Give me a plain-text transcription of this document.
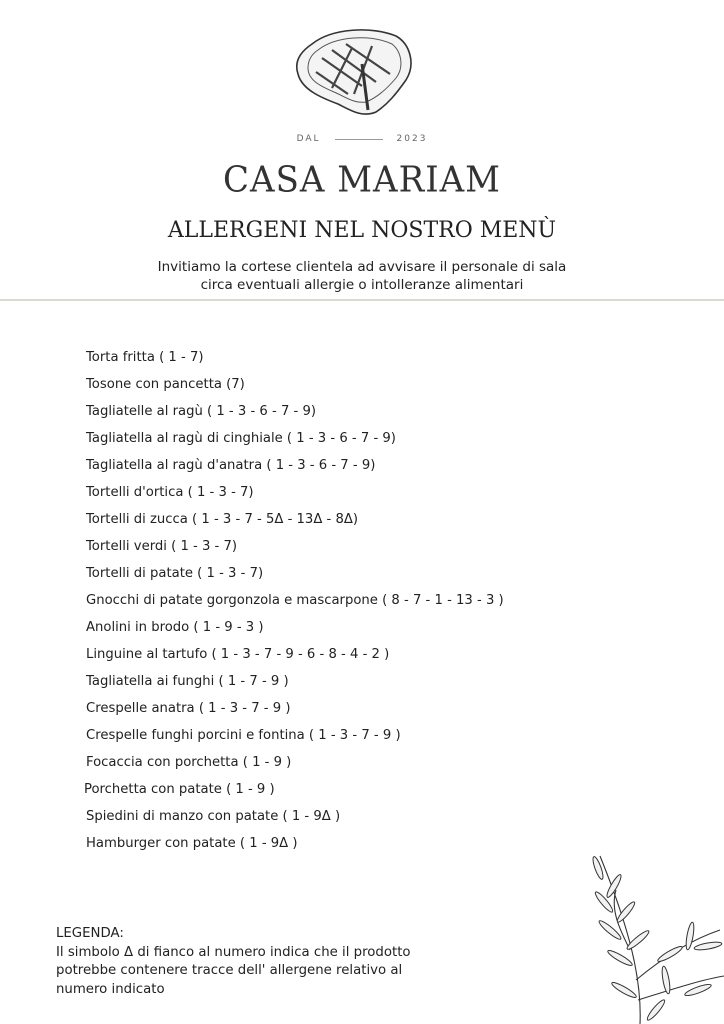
DAL	2023
CASA MARIAM
ALLERGENI NEL NOSTRO MENÙ
Invitiamo la cortese clientela ad avvisare il personale di sala
circa eventuali allergie o intolleranze alimentari
Torta fritta ( 1 - 7)
Tosone con pancetta (7)
Tagliatelle al ragù ( 1 - 3 - 6 - 7 - 9)
Tagliatella al ragù di cinghiale ( 1 - 3 - 6 - 7 - 9)
Tagliatella al ragù d'anatra ( 1 - 3 - 6 - 7 - 9)
Tortelli d'ortica ( 1 - 3 - 7)
Tortelli di zucca ( 1 - 3 - 7 - 5Δ - 13Δ - 8Δ)
Tortelli verdi ( 1 - 3 - 7)
Tortelli di patate ( 1 - 3 - 7)
Gnocchi di patate gorgonzola e mascarpone ( 8 - 7 - 1 - 13 - 3 )
Anolini in brodo ( 1 - 9 - 3 )
Linguine al tartufo ( 1 - 3 - 7 - 9 - 6 - 8 - 4 - 2 )
Tagliatella ai funghi ( 1 - 7 - 9 )
Crespelle anatra ( 1 - 3 - 7 - 9 )
Crespelle funghi porcini e fontina ( 1 - 3 - 7 - 9 )
Focaccia con porchetta ( 1 - 9 )
Porchetta con patate ( 1 - 9 )
Spiedini di manzo con patate ( 1 - 9Δ )
Hamburger con patate ( 1 - 9Δ )
LEGENDA:
Il simbolo Δ di fianco al numero indica che il prodotto
potrebbe contenere tracce dell' allergene relativo al
numero indicato
